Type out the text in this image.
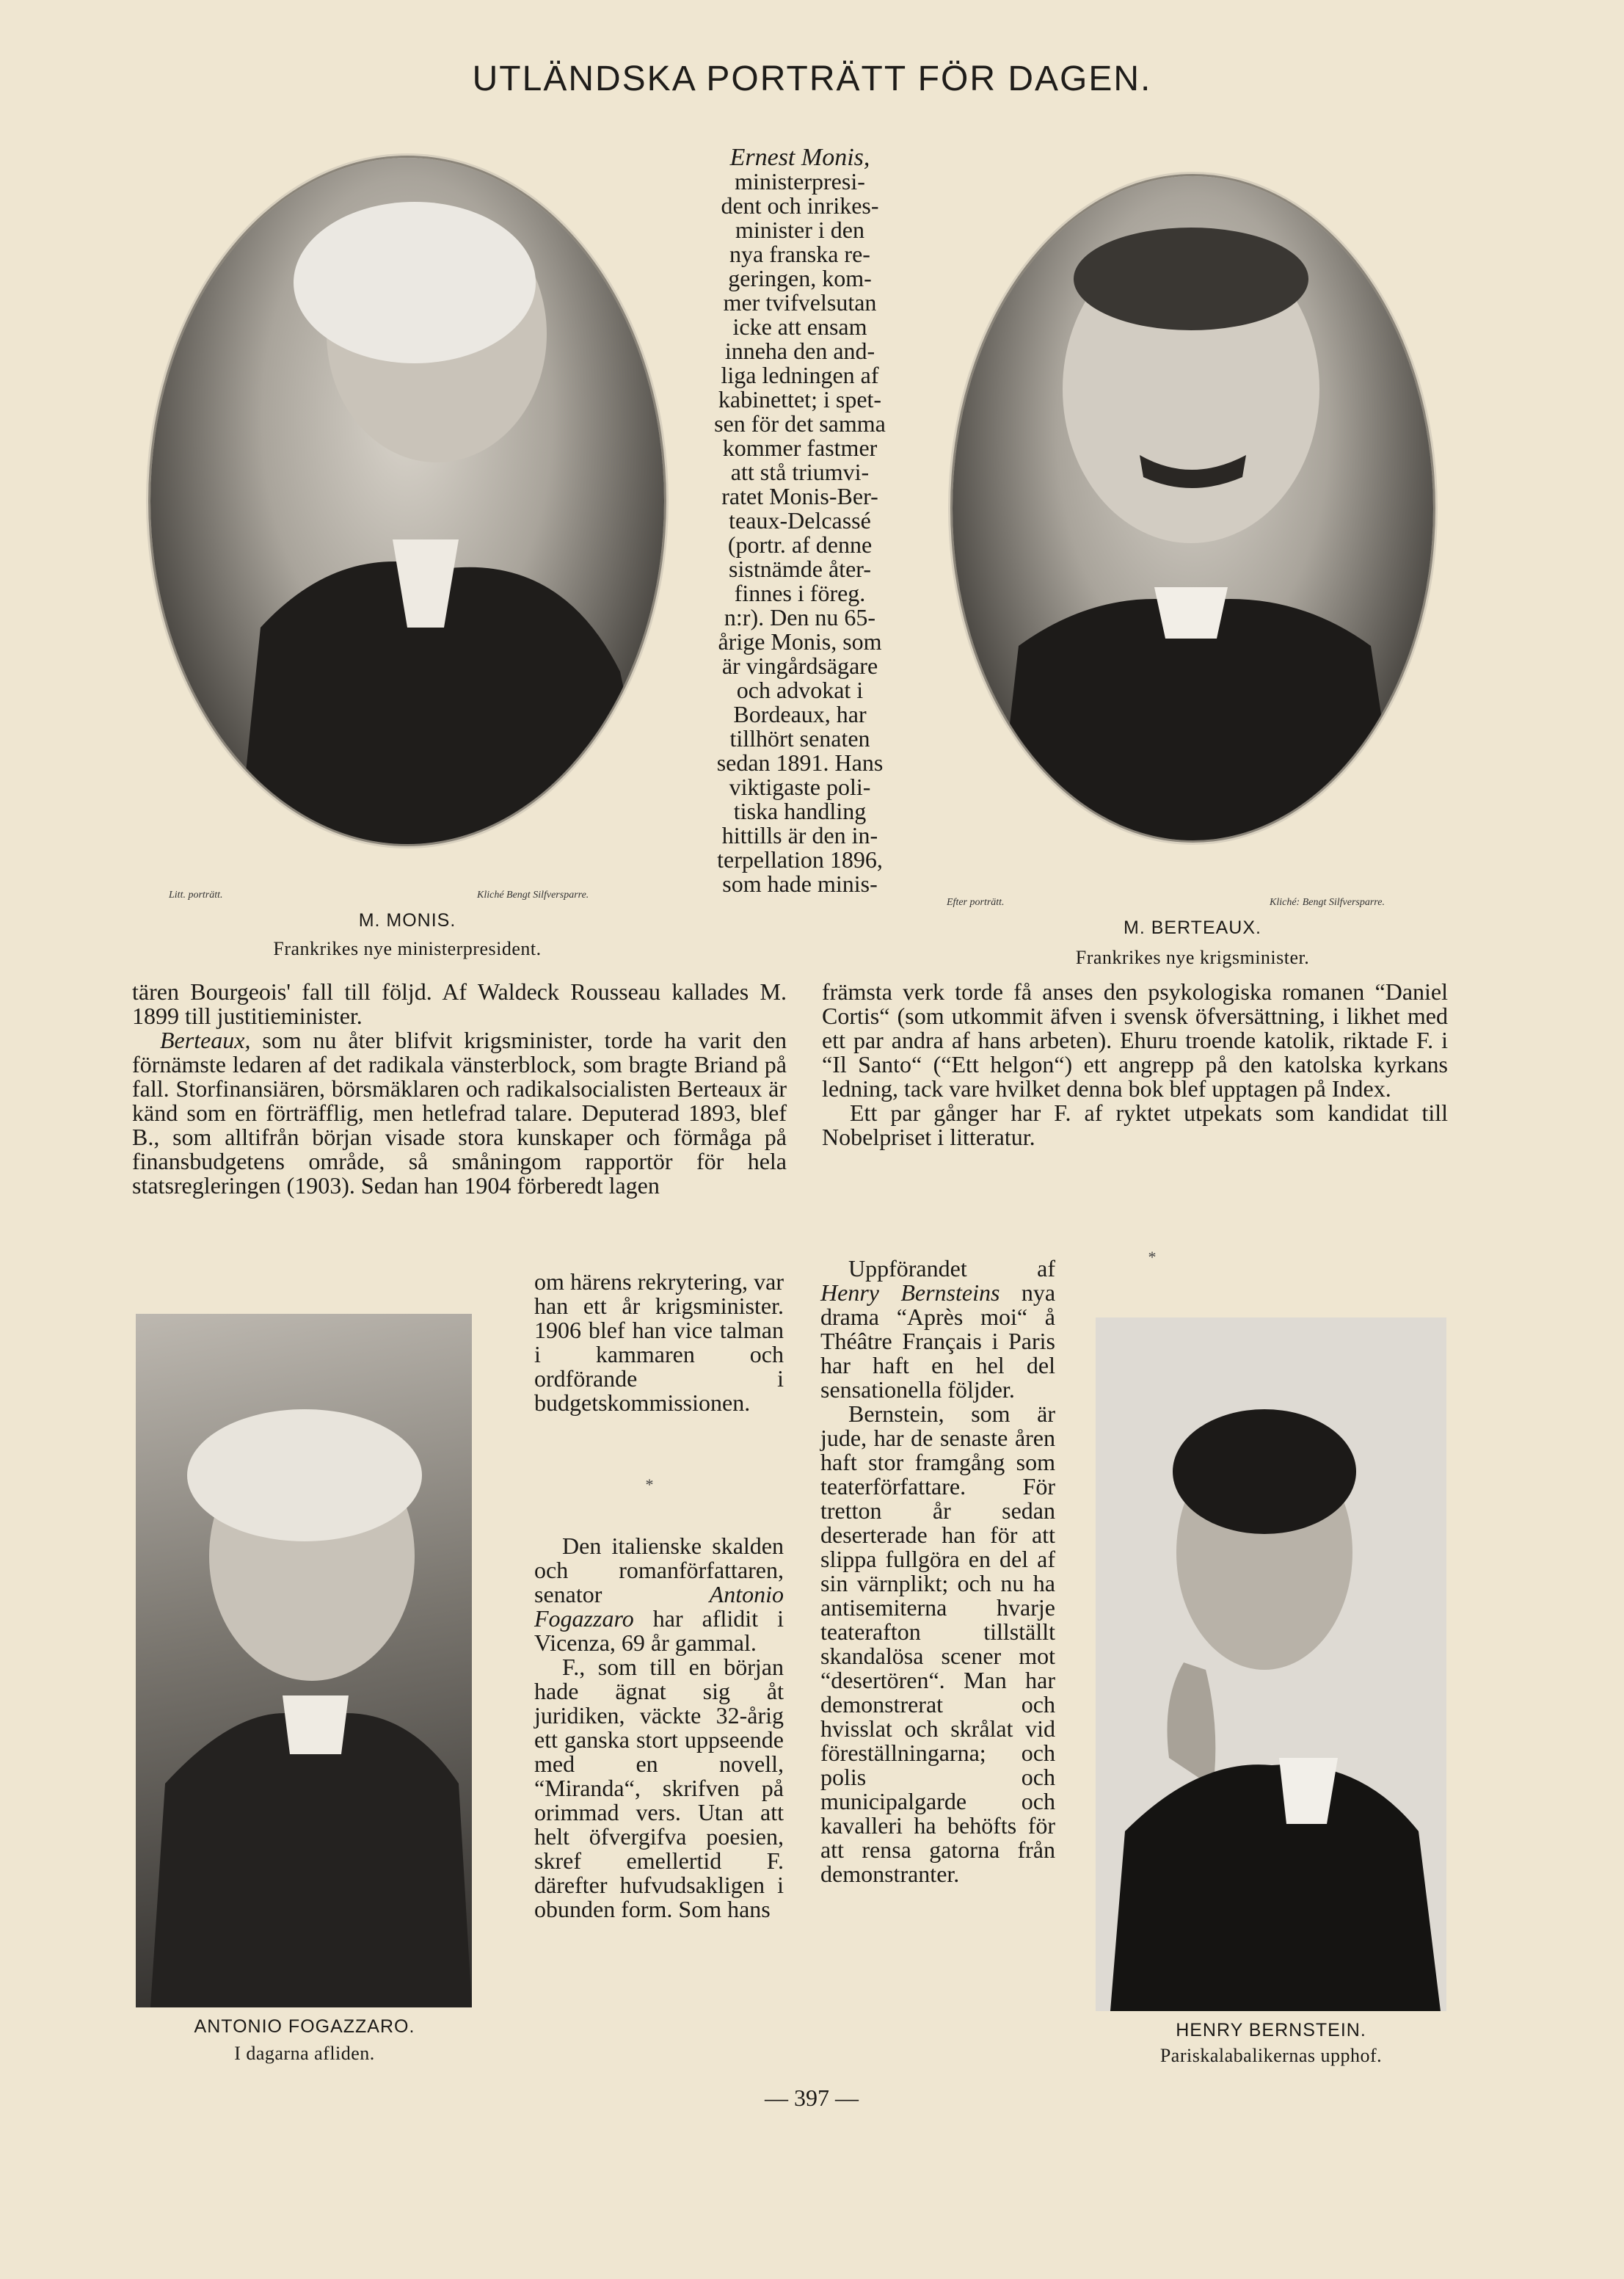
UTLÄNDSKA PORTRÄTT FÖR DAGEN.
Litt. porträtt.	Kliché Bengt Silfversparre.
M. MONIS.
Frankrikes nye ministerpresident.
Ernest Monis,
ministerpresi-
dent och inrikes-
minister i den
nya franska re-
geringen, kom-
mer tvifvelsutan
icke att ensam
inneha den and-
liga ledningen af
kabinettet; i spet-
sen för det samma
kommer fastmer
att stå triumvi-
ratet Monis-Ber-
teaux-Delcassé
(portr. af denne
sistnämde åter-
finnes i föreg.
n:r). Den nu 65-
årige Monis, som
är vingårdsägare
och advokat i
Bordeaux, har
tillhört senaten
sedan 1891. Hans
viktigaste poli-
tiska handling
hittills är den in-
terpellation 1896,
som hade minis-
Efter porträtt.	Kliché: Bengt Silfversparre.
M. BERTEAUX.
Frankrikes nye krigsminister.

tären Bourgeois' fall till följd. Af Waldeck Rousseau kallades M. 1899 till justitieminister.

Berteaux, som nu åter blifvit krigsminister, torde ha varit den förnämste ledaren af det radikala vänsterblock, som bragte Briand på fall. Storfinansiären, börsmäklaren och radikalsocialisten Berteaux är känd som en förträfflig, men hetlefrad talare. Deputerad 1893, blef B., som alltifrån början visade stora kunskaper och förmåga på finansbudgetens område, så småningom rapportör för hela statsregleringen (1903). Sedan han 1904 förberedt lagen

om härens rekrytering, var han ett år krigsminister. 1906 blef han vice talman i kammaren och ordförande i budgetskommissionen.

främsta verk torde få anses den psykologiska romanen “Daniel Cortis“ (som utkommit äfven i svensk öfversättning, i likhet med ett par andra af hans arbeten). Ehuru troende katolik, riktade F. i “Il Santo“ (“Ett helgon“) ett angrepp på den katolska kyrkans ledning, tack vare hvilket denna bok blef upptagen på Index.

Ett par gånger har F. af ryktet utpekats som kandidat till Nobelpriset i litteratur.

*
ANTONIO FOGAZZARO.
I dagarna afliden.
*

Den italienske skalden och romanförfattaren, senator	Antonio Fogazzaro har aflidit i Vicenza, 69 år gammal.

F., som till en början hade ägnat sig åt juridiken, väckte 32-årig ett ganska stort uppseende med en novell, “Miranda“, skrifven på orimmad vers. Utan att helt öfvergifva poesien, skref emellertid F. därefter hufvudsakligen i obunden form. Som hans

Uppförandet af Henry Bernsteins nya drama “Après moi“ å Théâtre Français i Paris har haft en hel del sensationella följder.

Bernstein, som är jude, har de senaste åren haft stor framgång som teaterförfattare. För tretton år sedan deserterade han för att slippa fullgöra en del af sin värnplikt; och nu ha antisemiterna hvarje teaterafton tillställt skandalösa scener mot “desertören“. Man har demonstrerat och hvisslat och skrålat vid föreställningarna; och polis och municipalgarde och kavalleri ha behöfts för att rensa gatorna från demonstranter.

HENRY BERNSTEIN.
Pariskalabalikernas upphof.
— 397 —
